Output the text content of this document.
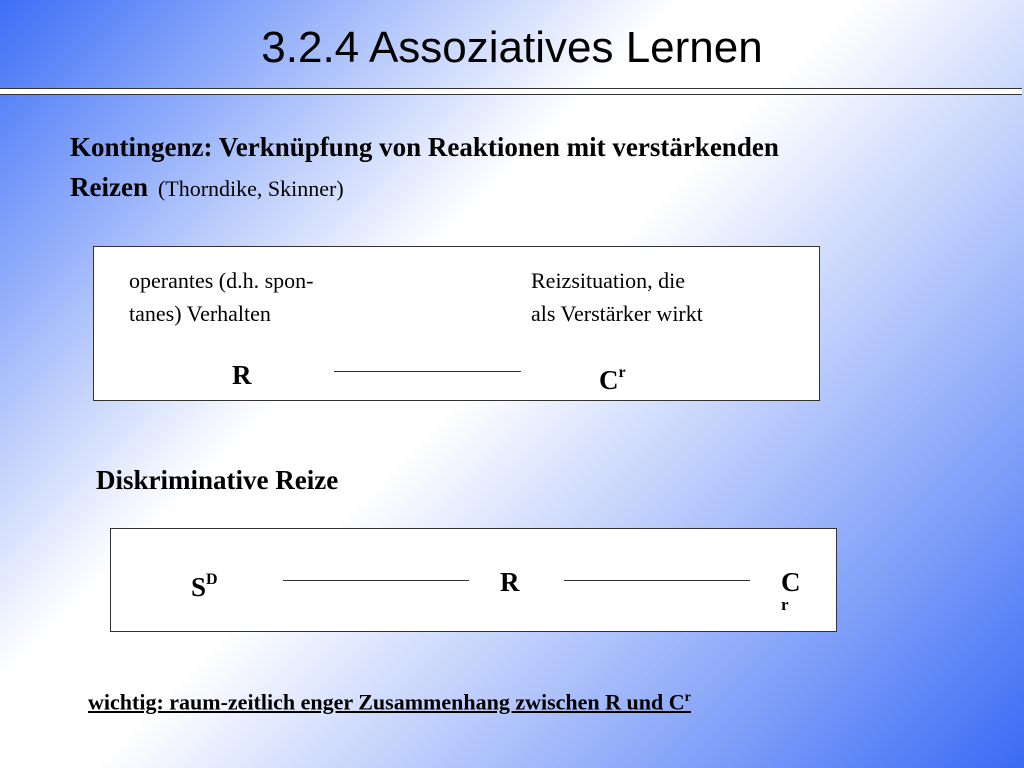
3.2.4 Assoziatives Lernen
Kontingenz: Verknüpfung von Reaktionen mit verstärkenden Reizen (Thorndike, Skinner)
operantes (d.h. spon-
tanes) Verhalten
Reizsituation, die
als Verstärker wirkt
R	$C^r$
Diskriminative Reize
$S^D$	R	C
r
wichtig: raum-zeitlich enger Zusammenhang zwischen R und $C^r$
